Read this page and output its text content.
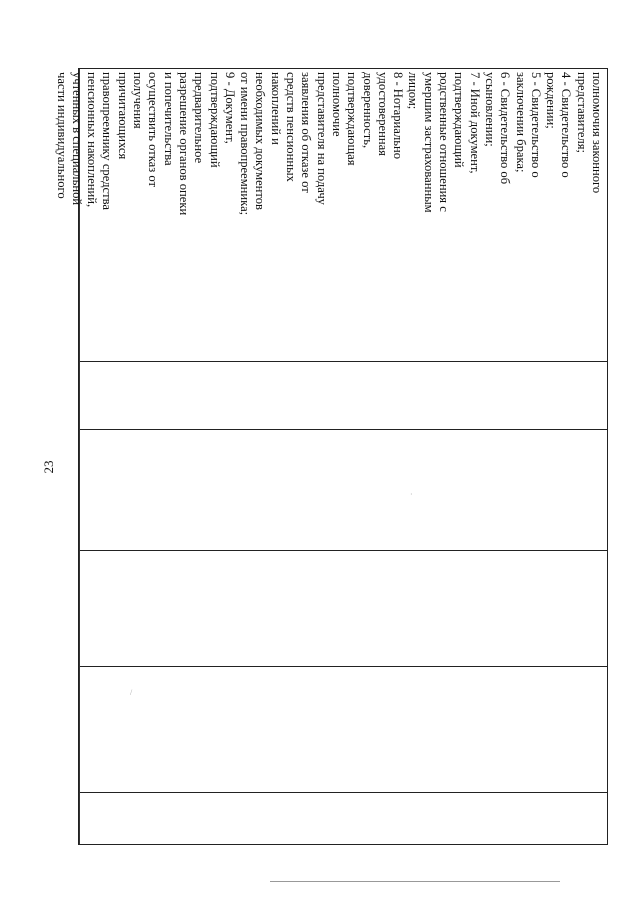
23
полномочия законного
представителя;
4 - Свидетельство о
рождении;
5 - Свидетельство о
заключении брака;
6 - Свидетельство об
усыновлении;
7 - Иной документ,
подтверждающий
родственные отношения с
умершим застрахованным
лицом;
8 - Нотариально
удостоверенная
доверенность,
подтверждающая
полномочие
представителя на подачу
заявления об отказе от
средств пенсионных
накоплений и
необходимых документов
от имени правопреемника;
9 - Документ,
подтверждающий
предварительное
разрешение органов опеки
и попечительства
осуществить отказ от
получения
причитающихся
правопреемнику средства
пенсионных накоплений,
учтенных в специальной
части индивидуального
·
/
